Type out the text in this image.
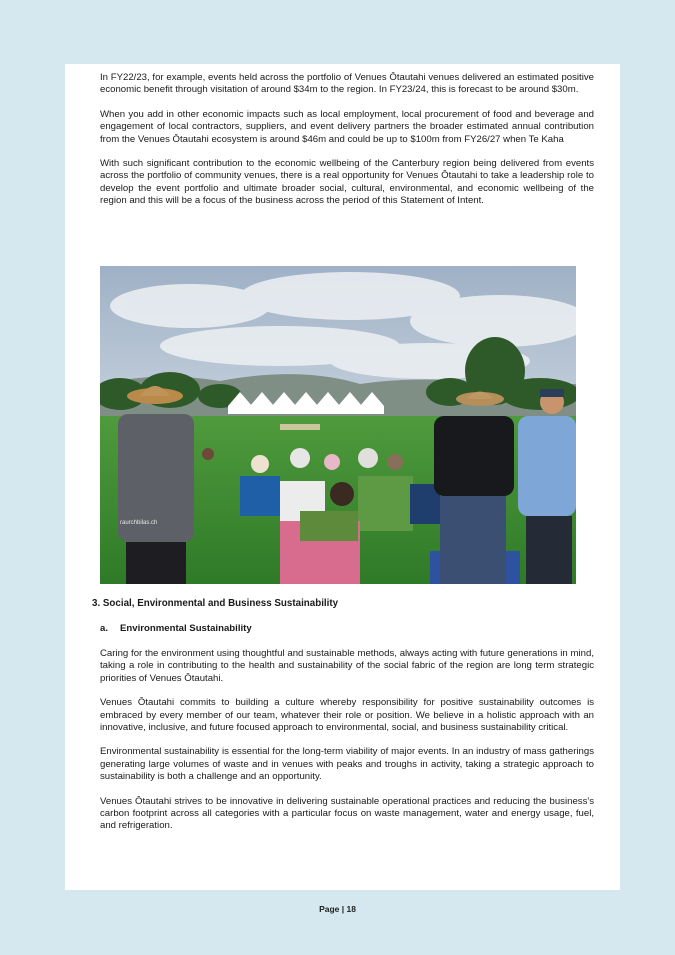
In FY22/23, for example, events held across the portfolio of Venues Ōtautahi venues delivered an estimated positive economic benefit through visitation of around $34m to the region. In FY23/24, this is forecast to be around $30m.

When you add in other economic impacts such as local employment, local procurement of food and beverage and engagement of local contractors, suppliers, and event delivery partners the broader estimated annual contribution from the Venues Ōtautahi ecosystem is around $46m and could be up to $100m from FY26/27 when Te Kaha

With such significant contribution to the economic wellbeing of the Canterbury region being delivered from events across the portfolio of community venues, there is a real opportunity for Venues Ōtautahi to take a leadership role to develop the event portfolio and ultimate broader social, cultural, environmental, and economic wellbeing of the region and this will be a focus of the business across the period of this Statement of Intent.

raurchbilas.ch
3. Social, Environmental and Business Sustainability
a. Environmental Sustainability

Caring for the environment using thoughtful and sustainable methods, always acting with future generations in mind, taking a role in contributing to the health and sustainability of the social fabric of the region are long term strategic priorities of Venues Ōtautahi.

Venues Ōtautahi commits to building a culture whereby responsibility for positive sustainability outcomes is embraced by every member of our team, whatever their role or position. We believe in a holistic approach with an innovative, inclusive, and future focused approach to environmental, social, and business sustainability critical.

Environmental sustainability is essential for the long-term viability of major events. In an industry of mass gatherings generating large volumes of waste and in venues with peaks and troughs in activity, taking a strategic approach to sustainability is both a challenge and an opportunity.

Venues Ōtautahi strives to be innovative in delivering sustainable operational practices and reducing the business's carbon footprint across all categories with a particular focus on waste management, water and energy usage, fuel, and refrigeration.

Page | 18
